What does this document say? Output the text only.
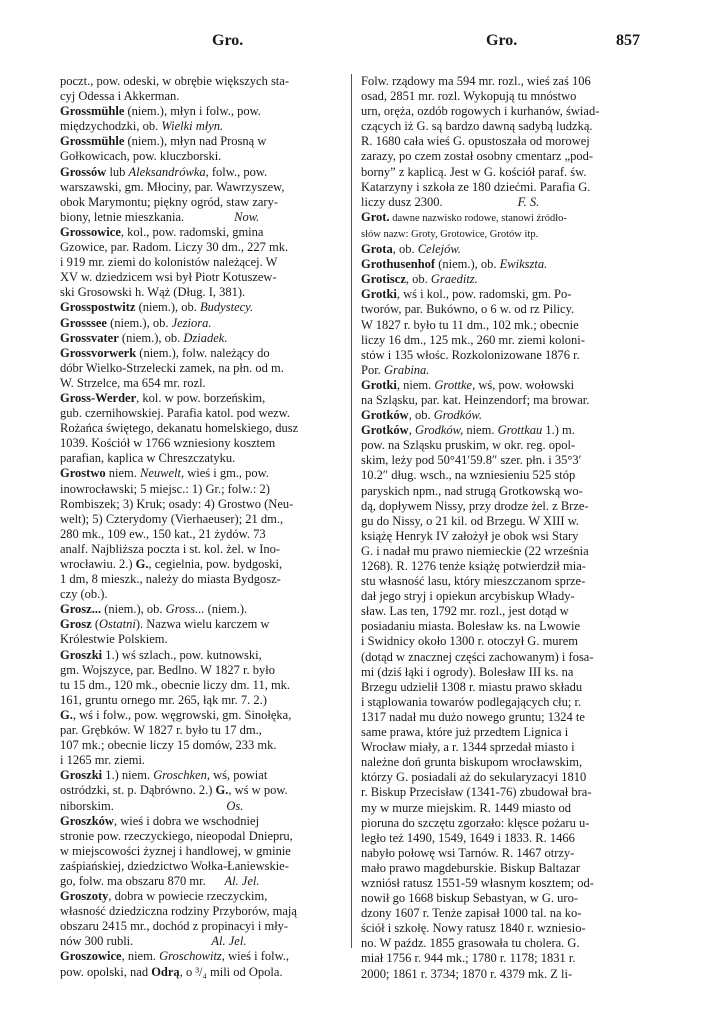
Gro.	Gro.	857
poczt., pow. odeski, w obrębie większych sta-
cyj Odessa i Akkerman.
Grossmühle (niem.), młyn i folw., pow.
międzychodzki, ob. Wielki młyn.
Grossmühle (niem.), młyn nad Prosną w
Gołkowicach, pow. kluczborski.
Grossów lub Aleksandrówka, folw., pow.
warszawski, gm. Młociny, par. Wawrzyszew,
obok Marymontu; piękny ogród, staw zary-
biony, letnie mieszkania.                Now.
Grossowice, kol., pow. radomski, gmina
Gzowice, par. Radom. Liczy 30 dm., 227 mk.
i 919 mr. ziemi do kolonistów należącej. W
XV w. dziedzicem wsi był Piotr Kotuszew-
ski Grosowski h. Wąż (Dług. I, 381).
Grosspostwitz (niem.), ob. Budystecy.
Grosssee (niem.), ob. Jeziora.
Grossvater (niem.), ob. Dziadek.
Grossvorwerk (niem.), folw. należący do
dóbr Wielko-Strzelecki zamek, na płn. od m.
W. Strzelce, ma 654 mr. rozl.
Gross-Werder, kol. w pow. borzeńskim,
gub. czernihowskiej. Parafia katol. pod wezw.
Rożańca świętego, dekanatu homelskiego, dusz
1039. Kościół w 1766 wzniesiony kosztem
parafian, kaplica w Chreszczatyku.
Grostwo niem. Neuwelt, wieś i gm., pow.
inowrocławski; 5 miejsc.: 1) Gr.; folw.: 2)
Rombiszek; 3) Kruk; osady: 4) Grostwo (Neu-
welt); 5) Czterydomy (Vierhaeuser); 21 dm.,
280 mk., 109 ew., 150 kat., 21 żydów. 73
analf. Najbliższa poczta i st. kol. żel. w Ino-
wrocławiu. 2.) G., cegielnia, pow. bydgoski,
1 dm, 8 mieszk., należy do miasta Bydgosz-
czy (ob.).
Grosz... (niem.), ob. Gross... (niem.).
Grosz (Ostatni). Nazwa wielu karczem w
Królestwie Polskiem.
Groszki 1.) wś szlach., pow. kutnowski,
gm. Wojszyce, par. Bedlno. W 1827 r. było
tu 15 dm., 120 mk., obecnie liczy dm. 11, mk.
161, gruntu ornego mr. 265, łąk mr. 7. 2.)
G., wś i folw., pow. węgrowski, gm. Sinołęka,
par. Grębków. W 1827 r. było tu 17 dm.,
107 mk.; obecnie liczy 15 domów, 233 mk.
i 1265 mr. ziemi.
Groszki 1.) niem. Groschken, wś, powiat
ostródzki, st. p. Dąbrówno. 2.) G., wś w pow.
niborskim.                                    Os.
Groszków, wieś i dobra we wschodniej
stronie pow. rzeczyckiego, nieopodal Dniepru,
w miejscowości żyznej i handlowej, w gminie
zaśpiańskiej, dziedzictwo Wołka-Łaniewskie-
go, folw. ma obszaru 870 mr.      Al. Jel.
Groszoty, dobra w powiecie rzeczyckim,
własność dziedziczna rodziny Przyborów, mają
obszaru 2415 mr., dochód z propinacyi i mły-
nów 300 rubli.                         Al. Jel.
Groszowice, niem. Groschowitz, wieś i folw.,
pow. opolski, nad Odrą, o ³/₄ mili od Opola.
Folw. rządowy ma 594 mr. rozl., wieś zaś 106
osad, 2851 mr. rozl. Wykopują tu mnóstwo
urn, oręża, ozdób rogowych i kurhanów, świad-
czących iż G. są bardzo dawną sadybą ludzką.
R. 1680 cała wieś G. opustoszała od morowej
zarazy, po czem został osobny cmentarz „pod-
borny” z kaplicą. Jest w G. kościół paraf. św.
Katarzyny i szkoła ze 180 dziećmi. Parafia G.
liczy dusz 2300.                        F. S.
Grot. dawne nazwisko rodowe, stanowi źródło-
słów nazw: Groty, Grotowice, Grotów itp.
Grota, ob. Celejów.
Grothusenhof (niem.), ob. Ewikszta.
Grotiscz, ob. Graeditz.
Grotki, wś i kol., pow. radomski, gm. Po-
tworów, par. Bukówno, o 6 w. od rz Pilicy.
W 1827 r. było tu 11 dm., 102 mk.; obecnie
liczy 16 dm., 125 mk., 260 mr. ziemi koloni-
stów i 135 włośc. Rozkolonizowane 1876 r.
Por. Grabina.
Grotki, niem. Grottke, wś, pow. wołowski
na Szląsku, par. kat. Heinzendorf; ma browar.
Grotków, ob. Grodków.
Grotków, Grodków, niem. Grottkau 1.) m.
pow. na Szląsku pruskim, w okr. reg. opol-
skim, leży pod 50°41′59.8″ szer. płn. i 35°3′
10.2″ dług. wsch., na wzniesieniu 525 stóp
paryskich npm., nad strugą Grotkowską wo-
dą, dopływem Nissy, przy drodze żel. z Brze-
gu do Nissy, o 21 kil. od Brzegu. W XIII w.
książę Henryk IV założył je obok wsi Stary
G. i nadał mu prawo niemieckie (22 września
1268). R. 1276 tenże książę potwierdził mia-
stu własność lasu, który mieszczanom sprze-
dał jego stryj i opiekun arcybiskup Włady-
sław. Las ten, 1792 mr. rozl., jest dotąd w
posiadaniu miasta. Bolesław ks. na Lwowie
i Swidnicy około 1300 r. otoczył G. murem
(dotąd w znacznej części zachowanym) i fosa-
mi (dziś łąki i ogrody). Bolesław III ks. na
Brzegu udzielił 1308 r. miastu prawo składu
i stąplowania towarów podlegających cłu; r.
1317 nadał mu dużo nowego gruntu; 1324 te
same prawa, które już przedtem Lignica i
Wrocław miały, a r. 1344 sprzedał miasto i
należne doń grunta biskupom wrocławskim,
którzy G. posiadali aż do sekularyzacyi 1810
r. Biskup Przecisław (1341-76) zbudował bra-
my w murze miejskim. R. 1449 miasto od
pioruna do szczętu zgorzało: klęsce pożaru u-
legło też 1490, 1549, 1649 i 1833. R. 1466
nabyło połowę wsi Tarnów. R. 1467 otrzy-
mało prawo magdeburskie. Biskup Baltazar
wzniósł ratusz 1551-59 własnym kosztem; od-
nowił go 1668 biskup Sebastyan, w G. uro-
dzony 1607 r. Tenże zapisał 1000 tal. na ko-
ściół i szkołę. Nowy ratusz 1840 r. wzniesio-
no. W paźdz. 1855 grasowała tu cholera. G.
miał 1756 r. 944 mk.; 1780 r. 1178; 1831 r.
2000; 1861 r. 3734; 1870 r. 4379 mk. Z li-
